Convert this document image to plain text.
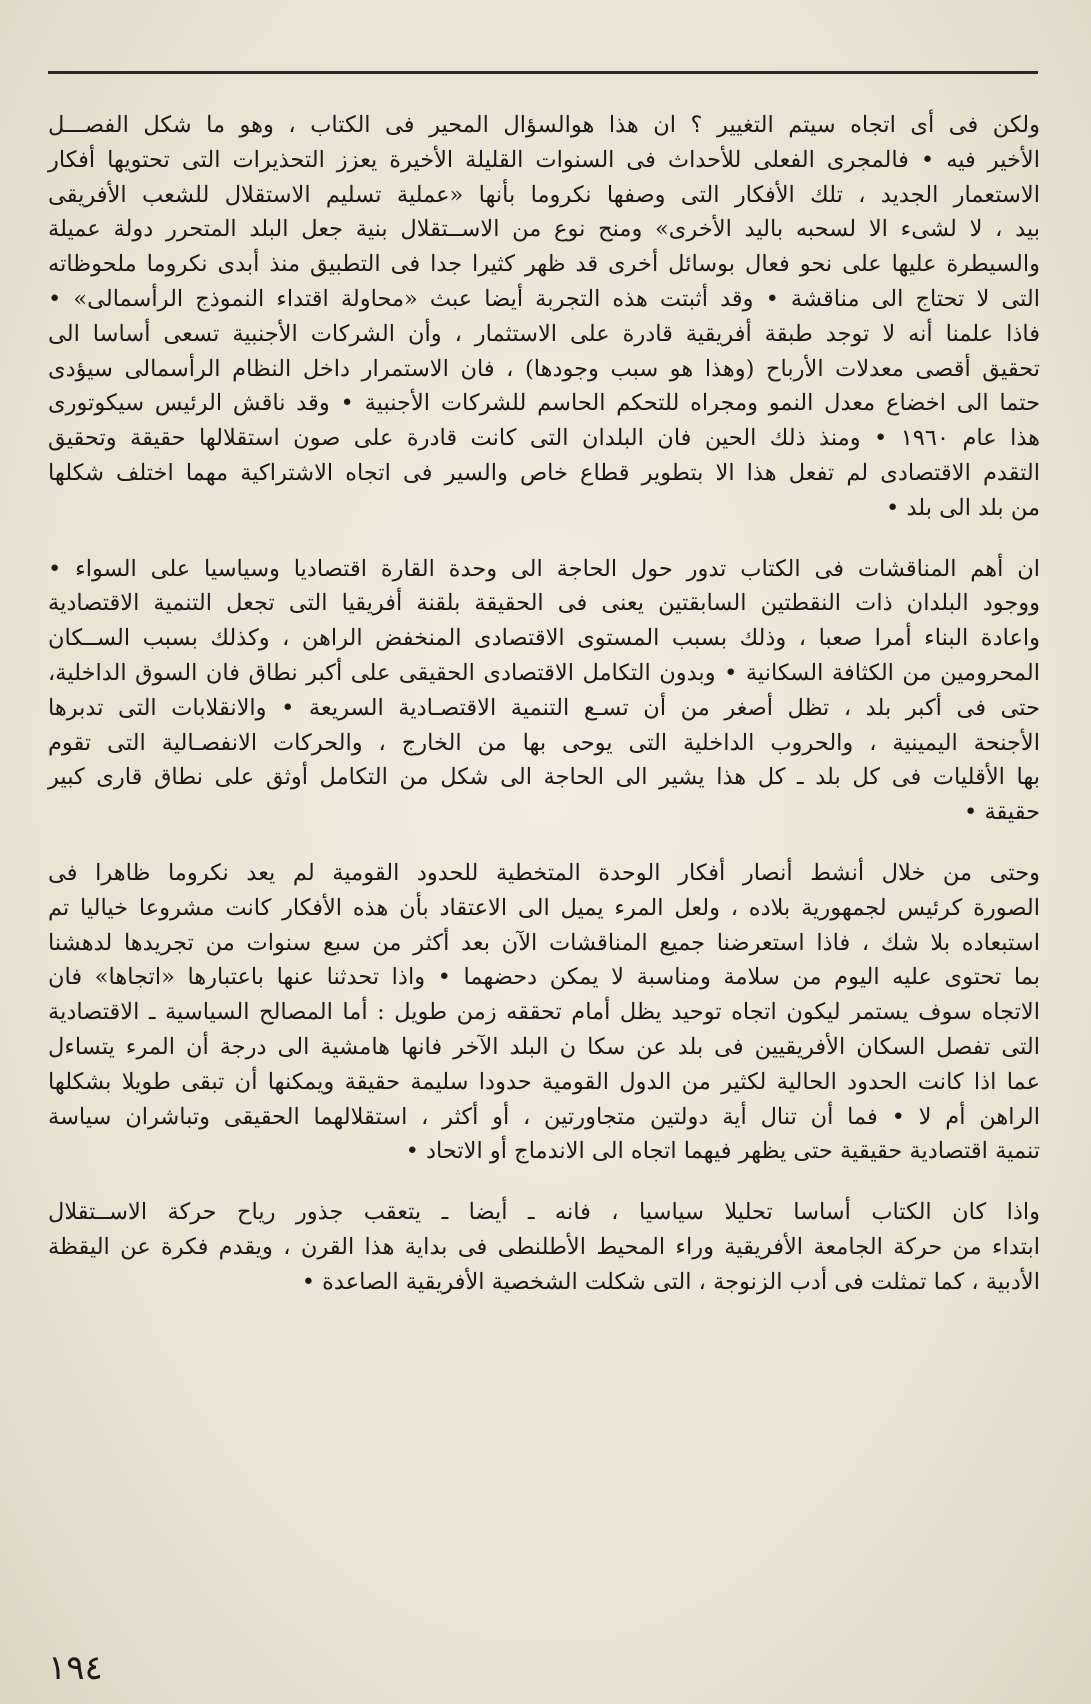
ولكن فى أى اتجاه سيتم التغيير ؟ ان هذا هوالسؤال المحير فى الكتاب ، وهو ما شكل الفصـــل
الأخير فيه • فالمجرى الفعلى للأحداث فى السنوات القليلة الأخيرة يعزز التحذيرات التى تحتويها أفكار
الاستعمار الجديد ، تلك الأفكار التى وصفها نكروما بأنها «عملية تسليم الاستقلال للشعب الأفريقى
بيد ، لا لشىء الا لسحبه باليد الأخرى» ومنح نوع من الاســتقلال بنية جعل البلد المتحرر دولة عميلة
والسيطرة عليها على نحو فعال بوسائل أخرى قد ظهر كثيرا جدا فى التطبيق منذ أبدى نكروما ملحوظاته
التى لا تحتاج الى مناقشة • وقد أثبتت هذه التجربة أيضا عبث «محاولة اقتداء النموذج الرأسمالى» •
فاذا علمنا أنه لا توجد طبقة أفريقية قادرة على الاستثمار ، وأن الشركات الأجنبية تسعى أساسا الى
تحقيق أقصى معدلات الأرباح (وهذا هو سبب وجودها) ، فان الاستمرار داخل النظام الرأسمالى سيؤدى
حتما الى اخضاع معدل النمو ومجراه للتحكم الحاسم للشركات الأجنبية • وقد ناقش الرئيس سيكوتورى
هذا عام ١٩٦٠ • ومنذ ذلك الحين فان البلدان التى كانت قادرة على صون استقلالها حقيقة وتحقيق
التقدم الاقتصادى لم تفعل هذا الا بتطوير قطاع خاص والسير فى اتجاه الاشتراكية مهما اختلف شكلها
من بلد الى بلد •

ان أهم المناقشات فى الكتاب تدور حول الحاجة الى وحدة القارة اقتصاديا وسياسيا على السواء •
ووجود البلدان ذات النقطتين السابقتين يعنى فى الحقيقة بلقنة أفريقيا التى تجعل التنمية الاقتصادية
واعادة البناء أمرا صعبا ، وذلك بسبب المستوى الاقتصادى المنخفض الراهن ، وكذلك بسبب الســكان
المحرومين من الكثافة السكانية • وبدون التكامل الاقتصادى الحقيقى على أكبر نطاق فان السوق الداخلية،
حتى فى أكبر بلد ، تظل أصغر من أن تسـع التنمية الاقتصـادية السريعة • والانقلابات التى تدبرها
الأجنحة اليمينية ، والحروب الداخلية التى يوحى بها من الخارج ، والحركات الانفصـالية التى تقوم
بها الأقليات فى كل بلد ـ كل هذا يشير الى الحاجة الى شكل من التكامل أوثق على نطاق قارى كبير
حقيقة •

وحتى من خلال أنشط أنصار أفكار الوحدة المتخطية للحدود القومية لم يعد نكروما ظاهرا فى
الصورة كرئيس لجمهورية بلاده ، ولعل المرء يميل الى الاعتقاد بأن هذه الأفكار كانت مشروعا خياليا تم
استبعاده بلا شك ، فاذا استعرضنا جميع المناقشات الآن بعد أكثر من سبع سنوات من تجريدها لدهشنا
بما تحتوى عليه اليوم من سلامة ومناسبة لا يمكن دحضهما • واذا تحدثنا عنها باعتبارها «اتجاها» فان
الاتجاه سوف يستمر ليكون اتجاه توحيد يظل أمام تحققه زمن طويل : أما المصالح السياسية ـ الاقتصادية
التى تفصل السكان الأفريقيين فى بلد عن سكا ن البلد الآخر فانها هامشية الى درجة أن المرء يتساءل
عما اذا كانت الحدود الحالية لكثير من الدول القومية حدودا سليمة حقيقة ويمكنها أن تبقى طويلا بشكلها
الراهن أم لا • فما أن تنال أية دولتين متجاورتين ، أو أكثر ، استقلالهما الحقيقى وتباشران سياسة
تنمية اقتصادية حقيقية حتى يظهر فيهما اتجاه الى الاندماج أو الاتحاد •

واذا كان الكتاب أساسا تحليلا سياسيا ، فانه ـ أيضا ـ يتعقب جذور رياح حركة الاســتقلال
ابتداء من حركة الجامعة الأفريقية وراء المحيط الأطلنطى فى بداية هذا القرن ، ويقدم فكرة عن اليقظة
الأدبية ، كما تمثلت فى أدب الزنوجة ، التى شكلت الشخصية الأفريقية الصاعدة •

١٩٤
